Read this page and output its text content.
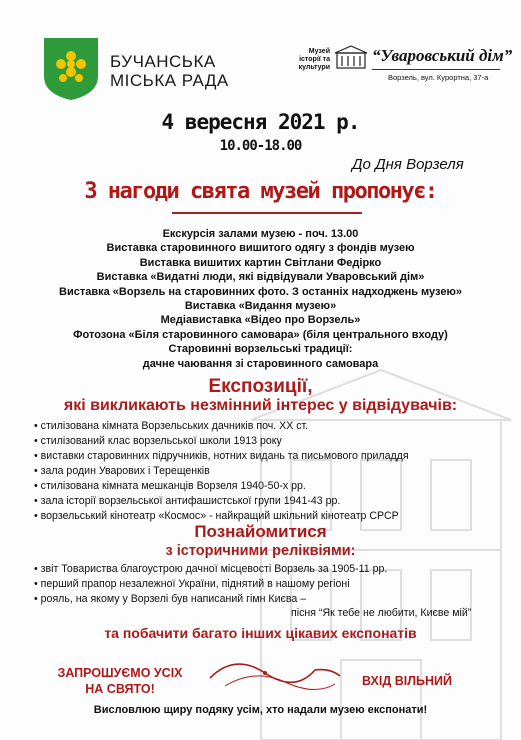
БУЧАНСЬКА
МІСЬКА РАДА
Музей
історії та культури
“Уваровський дім”
Ворзель, вул. Курортна, 37-а
4 вересня 2021 р.
10.00-18.00
До Дня Ворзеля
З нагоди свята музей пропонує:
Екскурсія залами музею - поч. 13.00
Виставка старовинного вишитого одягу з фондів музею
Виставка вишитих картин Світлани Федірко
Виставка «Видатні люди, які відвідували Уваровський дім»
Виставка «Ворзель на старовинних фото. З останніх надходжень музею»
Виставка «Видання музею»
Медіавиставка «Відео про Ворзель»
Фотозона «Біля старовинного самовара» (біля центрального входу)
Старовинні ворзельські традиції:
дачне чаювання зі старовинного самовара
Експозиції,
які викликають незмінний інтерес у відвідувачів:
• стилізована кімната Ворзельських дачників поч. ХХ ст.
• стилізований клас ворзельської школи 1913 року
• виставки старовинних підручників, нотних видань та письмового приладдя
• зала родин Уварових і Терещенків
• стилізована кімната мешканців Ворзеля 1940-50-х рр.
• зала історії ворзельської антифашистської групи 1941-43 рр.
• ворзельський кінотеатр «Космос» - найкращий шкільний кінотеатр СРСР
Познайомитися
з історичними реліквіями:
• звіт Товариства благоустрою дачної місцевості Ворзель за 1905-11 рр.
• перший прапор незалежної України, піднятий в нашому регіоні
• рояль, на якому у Ворзелі був написаний гімн Києва –
пісня “Як тебе не любити, Києве мій”
та побачити багато інших цікавих експонатів
ЗАПРОШУЄМО УСІХ
НА СВЯТО!
ВХІД ВІЛЬНИЙ
Висловлюю щиру подяку усім, хто надали музею експонати!
